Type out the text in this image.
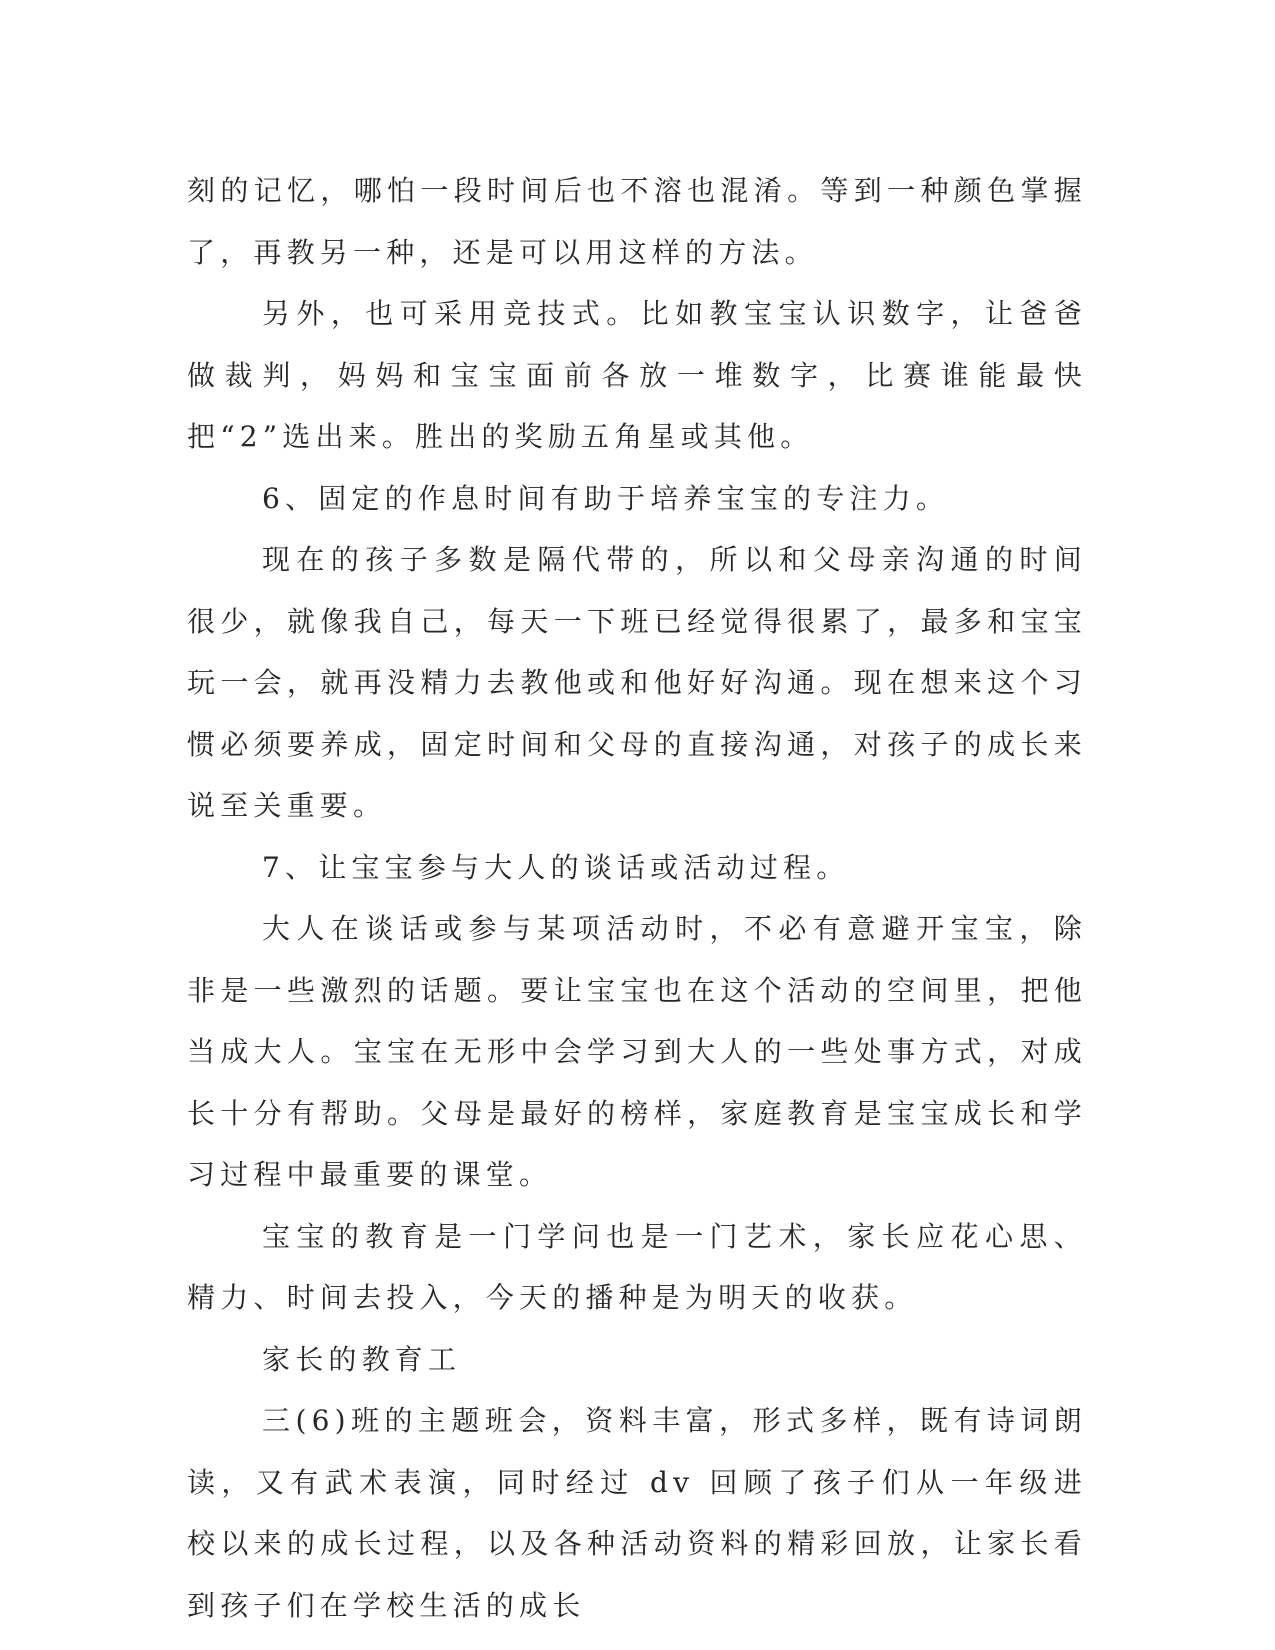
刻的记忆，哪怕一段时间后也不溶也混淆。等到一种颜色掌握了，再教另一种，还是可以用这样的方法。

另外，也可采用竞技式。比如教宝宝认识数字，让爸爸做裁判，妈妈和宝宝面前各放一堆数字，比赛谁能最快把“2”选出来。胜出的奖励五角星或其他。

6、固定的作息时间有助于培养宝宝的专注力。

现在的孩子多数是隔代带的，所以和父母亲沟通的时间很少，就像我自己，每天一下班已经觉得很累了，最多和宝宝玩一会，就再没精力去教他或和他好好沟通。现在想来这个习惯必须要养成，固定时间和父母的直接沟通，对孩子的成长来说至关重要。

7、让宝宝参与大人的谈话或活动过程。

大人在谈话或参与某项活动时，不必有意避开宝宝，除非是一些激烈的话题。要让宝宝也在这个活动的空间里，把他当成大人。宝宝在无形中会学习到大人的一些处事方式，对成长十分有帮助。父母是最好的榜样，家庭教育是宝宝成长和学习过程中最重要的课堂。

宝宝的教育是一门学问也是一门艺术，家长应花心思、精力、时间去投入，今天的播种是为明天的收获。

家长的教育工

三(6)班的主题班会，资料丰富，形式多样，既有诗词朗读，又有武术表演，同时经过 dv 回顾了孩子们从一年级进校以来的成长过程，以及各种活动资料的精彩回放，让家长看到孩子们在学校生活的成长
